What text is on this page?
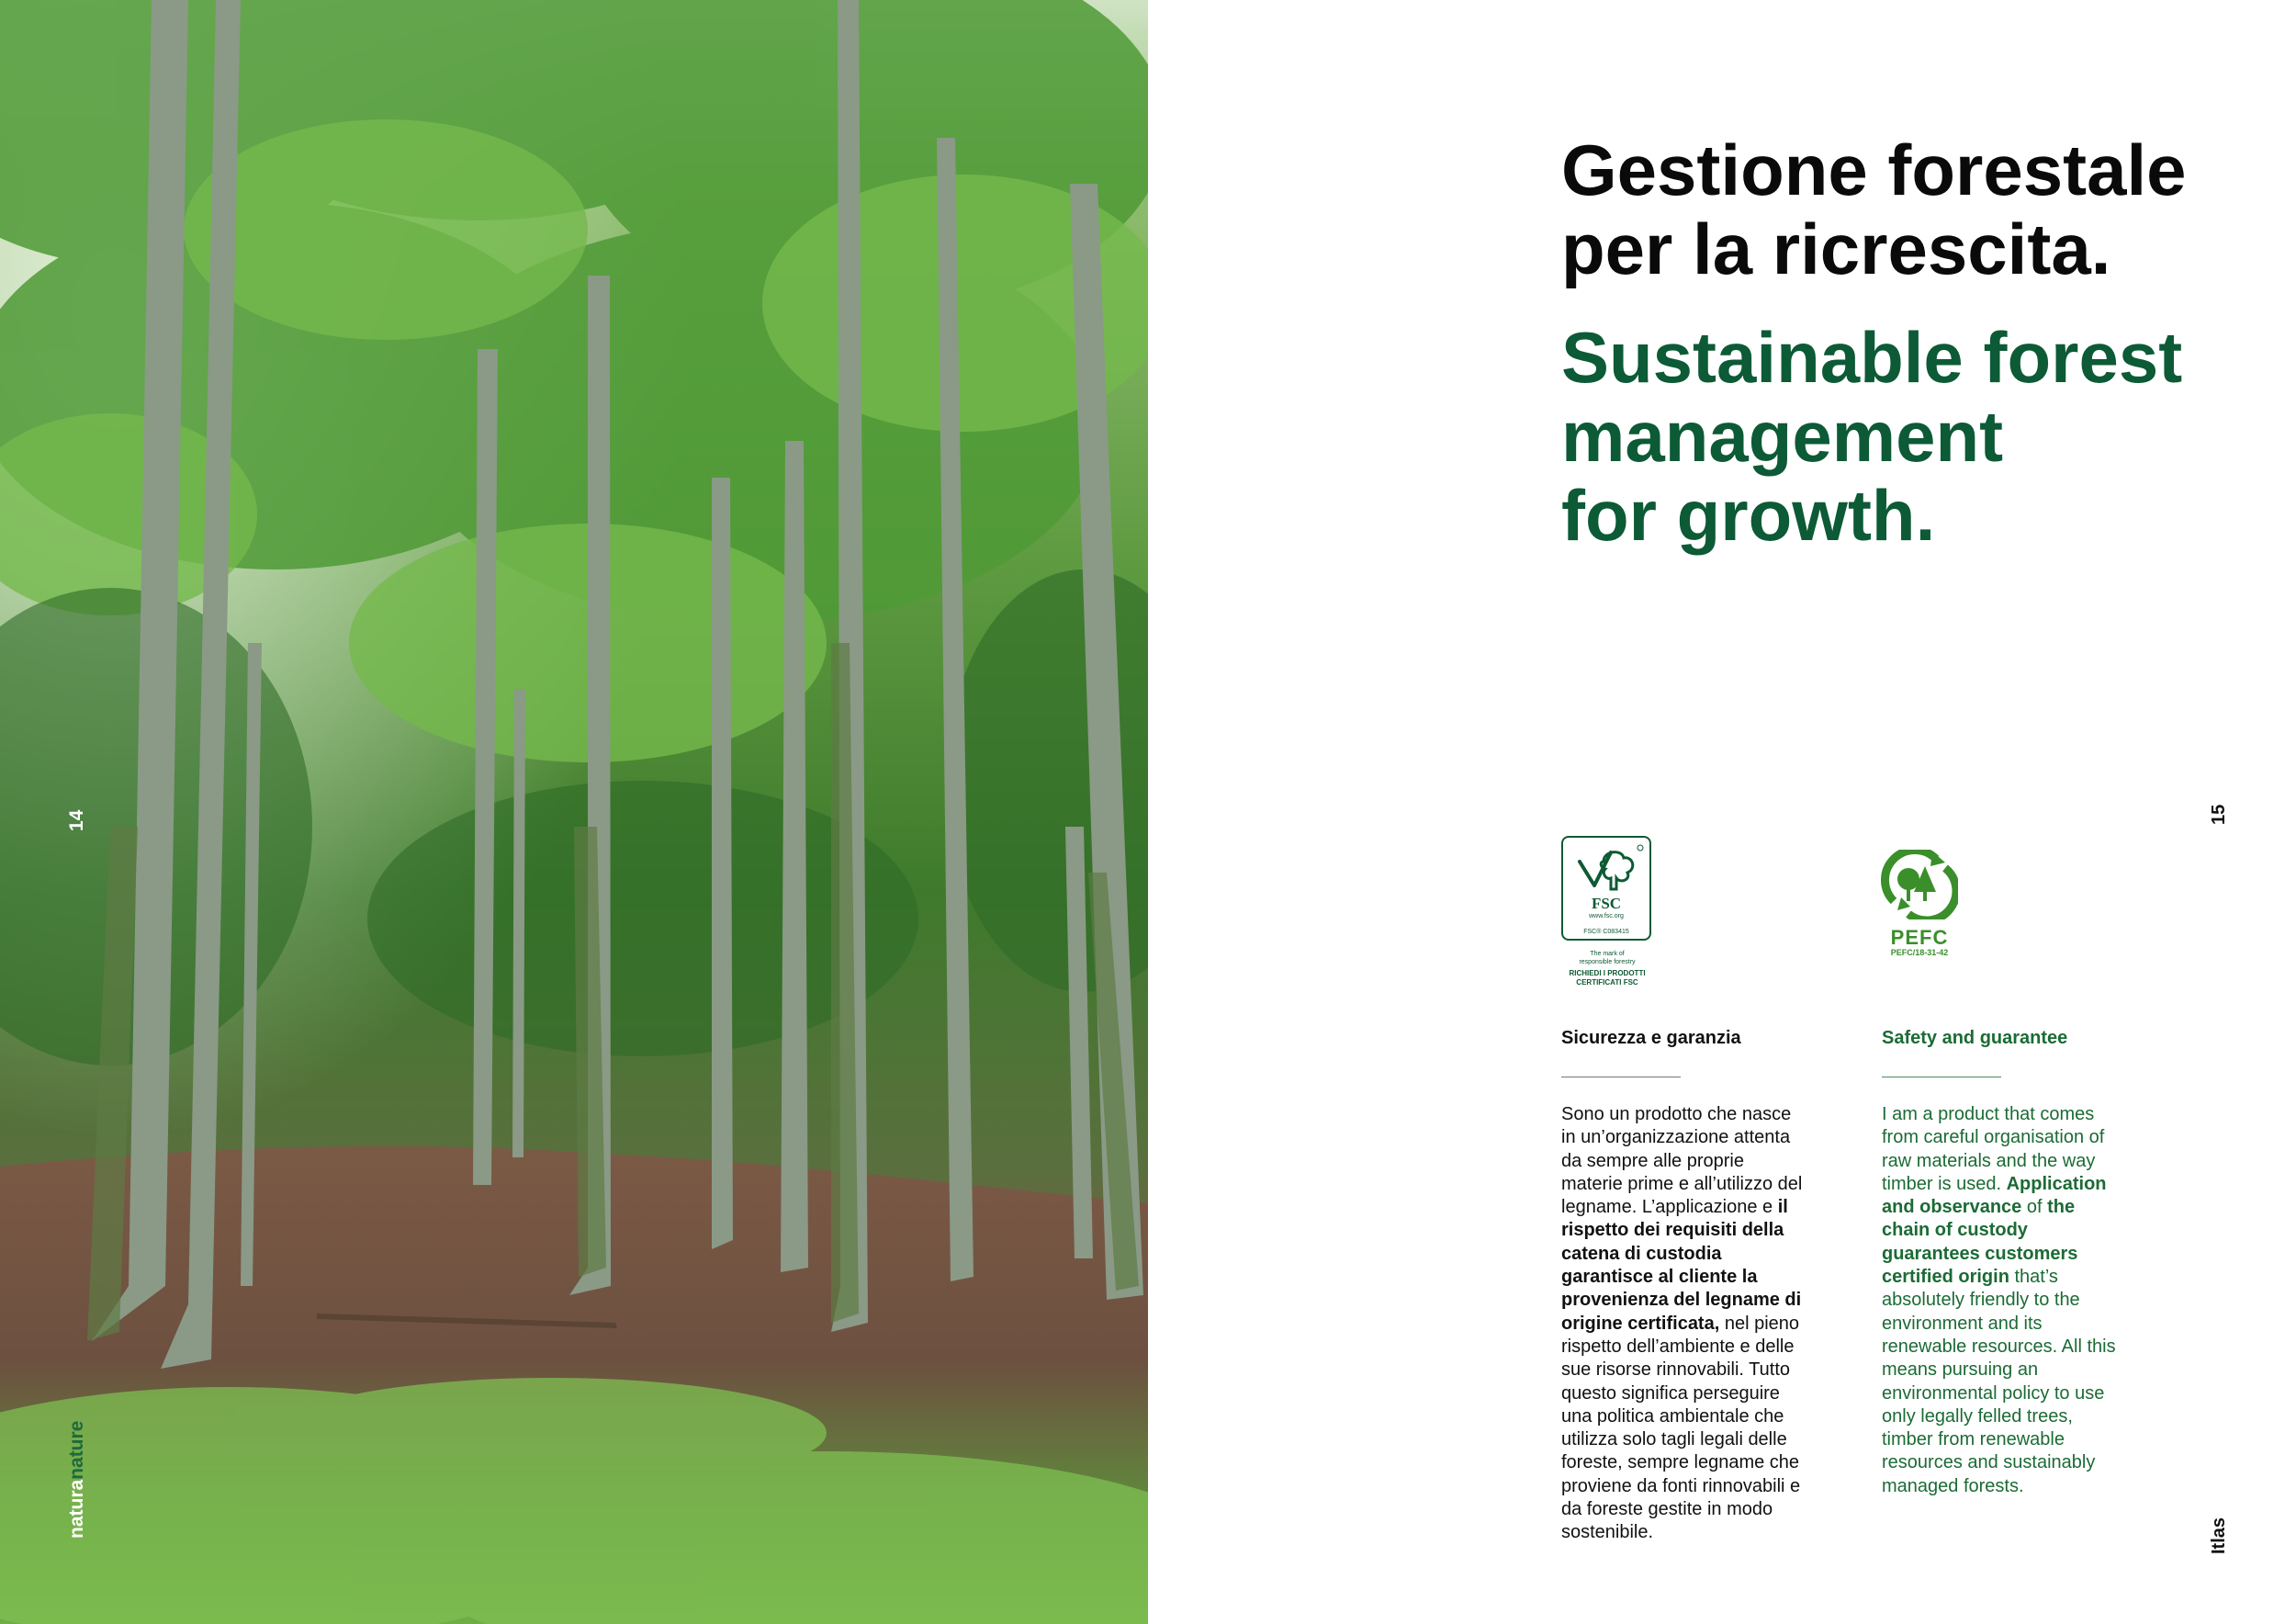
14
naturanature
Gestione forestale
per la ricrescita.
Sustainable forest
management
for growth.
15
Itlas
FSC
www.fsc.org
FSC® C083415
The mark of
responsible forestry
RICHIEDI I PRODOTTI
CERTIFICATI FSC
PEFC
PEFC/18-31-42
Sicurezza e garanzia

Sono un prodotto che nasce in un’organizzazione attenta da sempre alle proprie materie prime e all’utilizzo del legname. L’applicazione e il rispetto dei requisiti della catena di custodia garantisce al cliente la provenienza del legname di origine certificata, nel pieno rispetto dell’ambiente e delle sue risorse rinnovabili. Tutto questo significa perseguire una politica ambientale che utilizza solo tagli legali delle foreste, sempre legname che proviene da fonti rinnovabili e da foreste gestite in modo sostenibile.

Safety and guarantee

I am a product that comes from careful organisation of raw materials and the way timber is used. Application and observance of the chain of custody guarantees customers certified origin that’s absolutely friendly to the environment and its renewable resources. All this means pursuing an environmental policy to use only legally felled trees, timber from renewable resources and sustainably managed forests.
